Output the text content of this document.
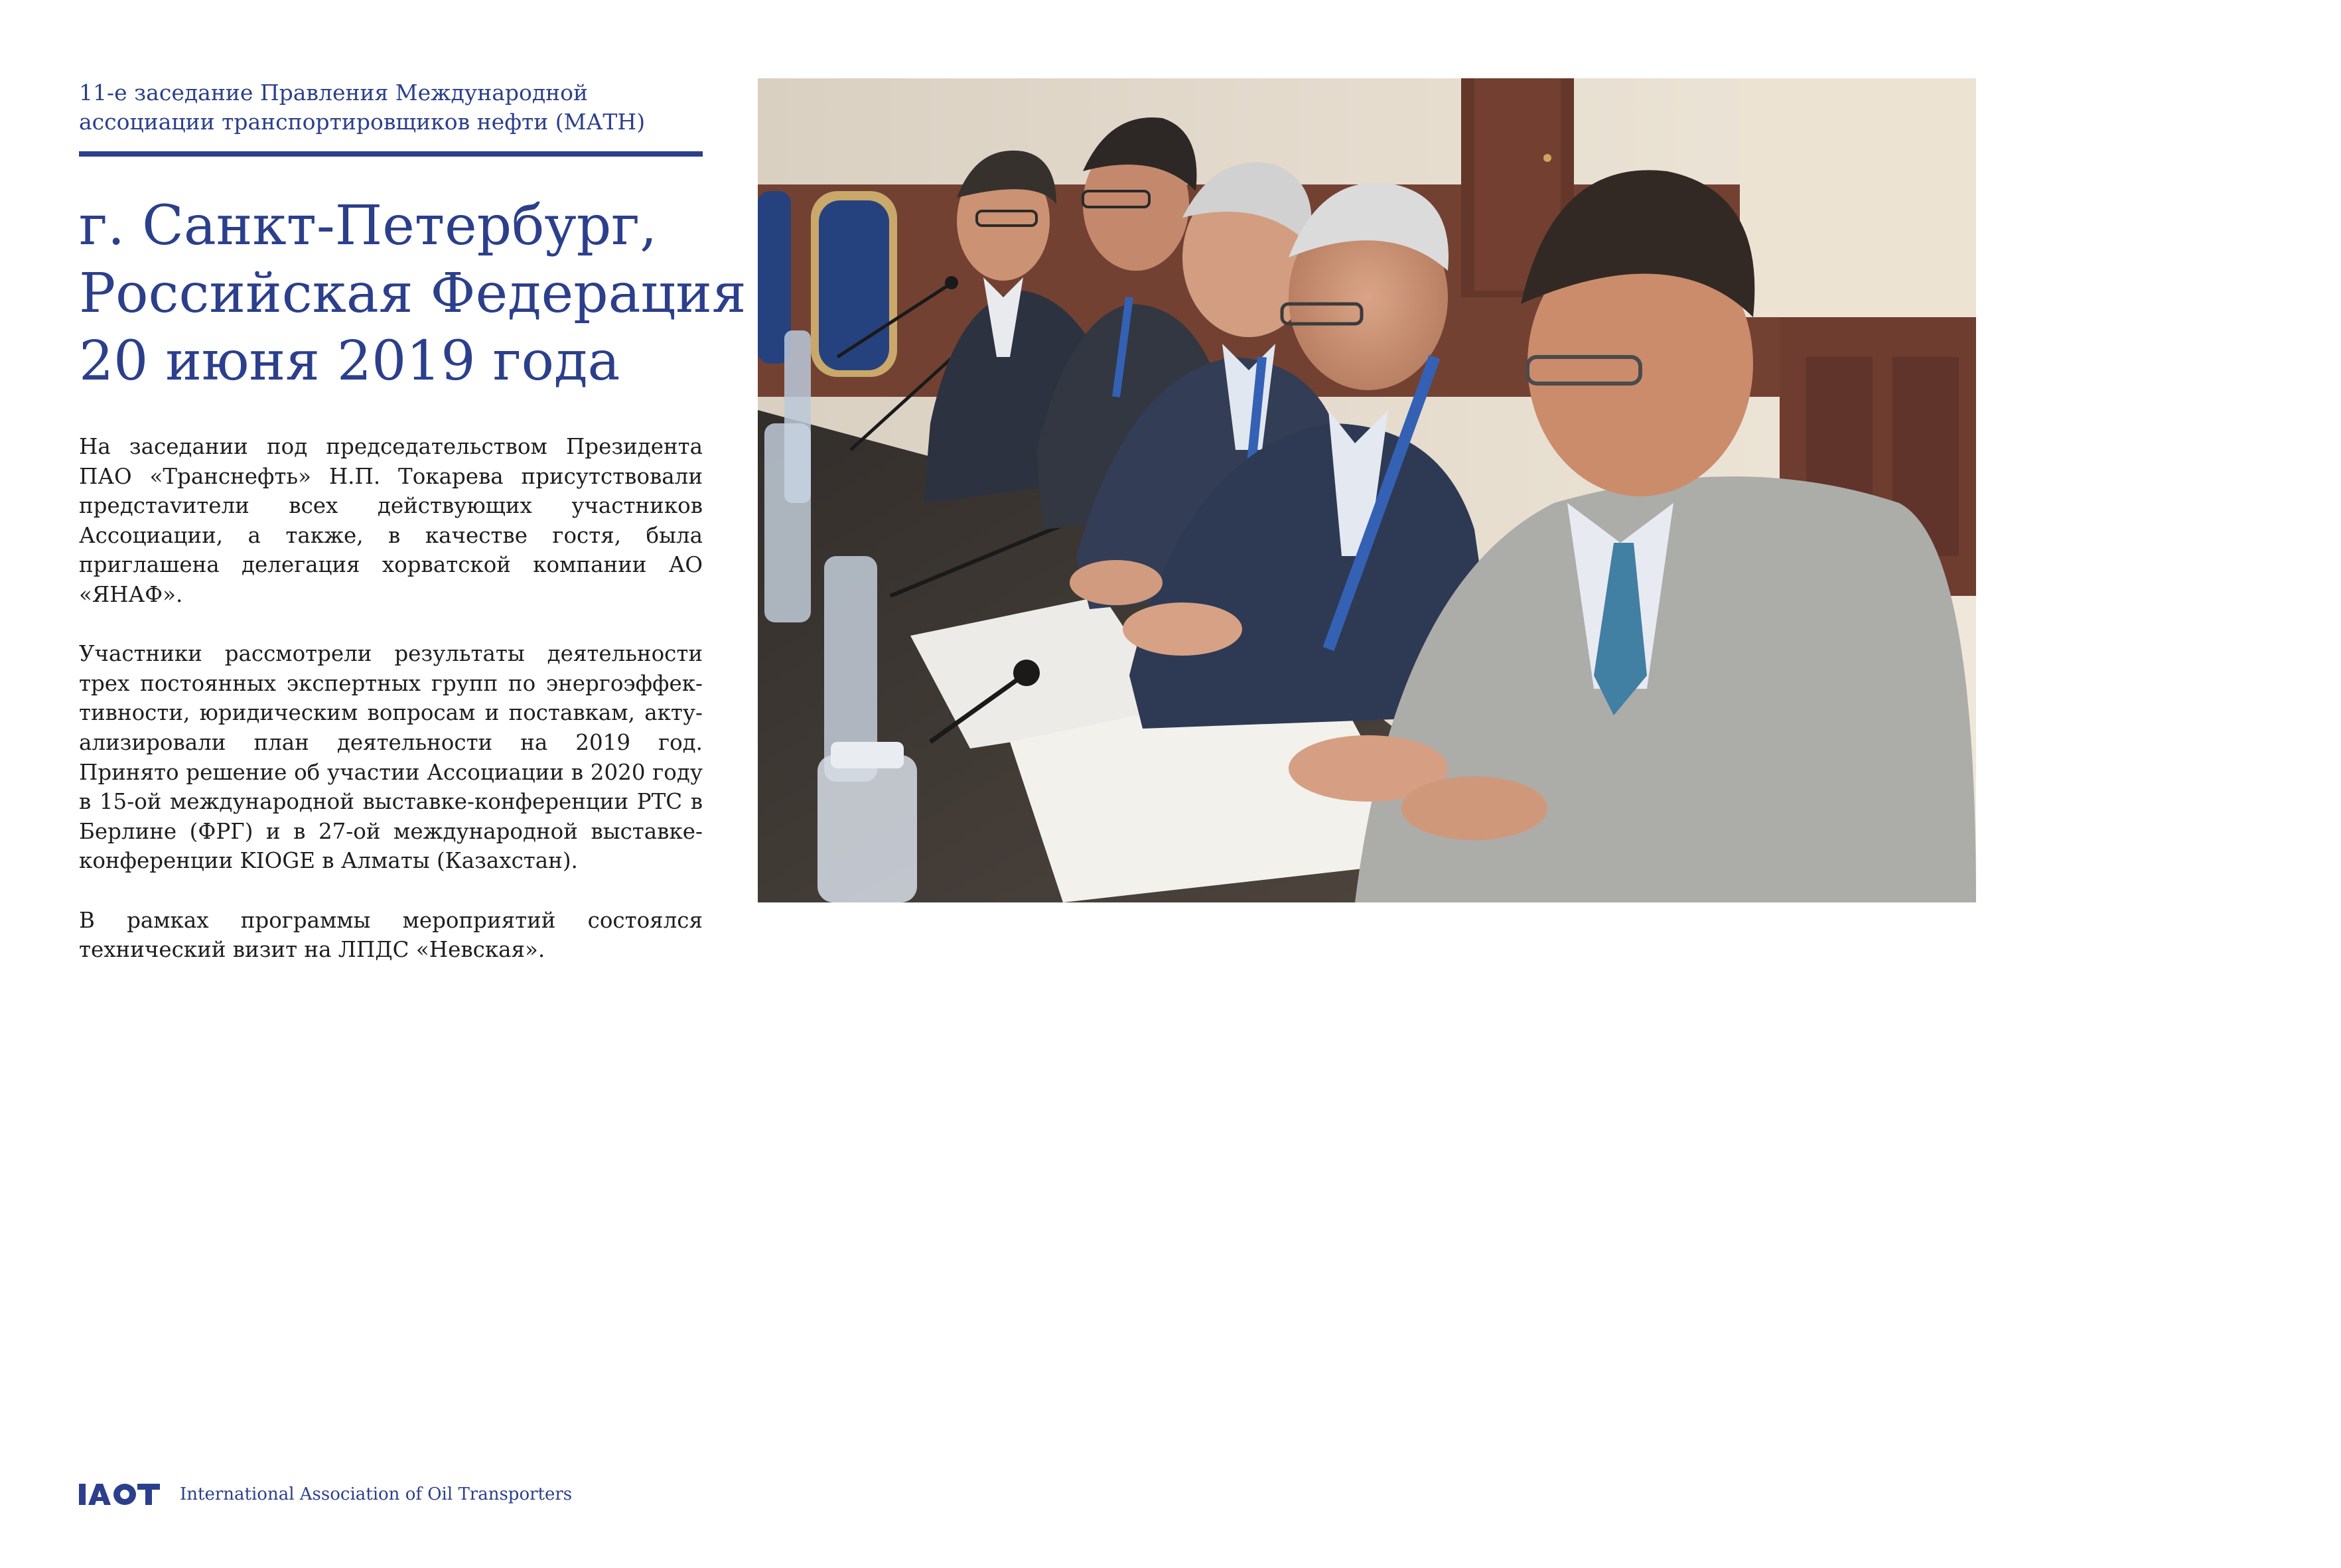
11-е заседание Правления Международной
ассоциации транспортировщиков нефти (МАТН)
г. Санкт-Петербург,
Российская Федерация
20 июня 2019 года

На заседании под председательством Президента ПАО «Транснефть» Н.П. Токарева присутствовали предстаvители всех действующих участников Ассоциации, а также, в качестве гостя, была приглашена делегация хорватской компании АО «ЯНАФ».

Участники рассмотрели результаты деятельности трех постоянных экспертных групп по энергоэффективности, юридическим вопросам и поставкам, актуализировали план деятельности на 2019 год. Принято решение об участии Ассоциации в 2020 году в 15-ой международной выставке-конференции PTC в Берлине (ФРГ) и в 27-ой международной выставке-конференции KIOGE в Алматы (Казахстан).

В рамках программы мероприятий состоялся технический визит на ЛПДС «Невская».

International Association of Oil Transporters
